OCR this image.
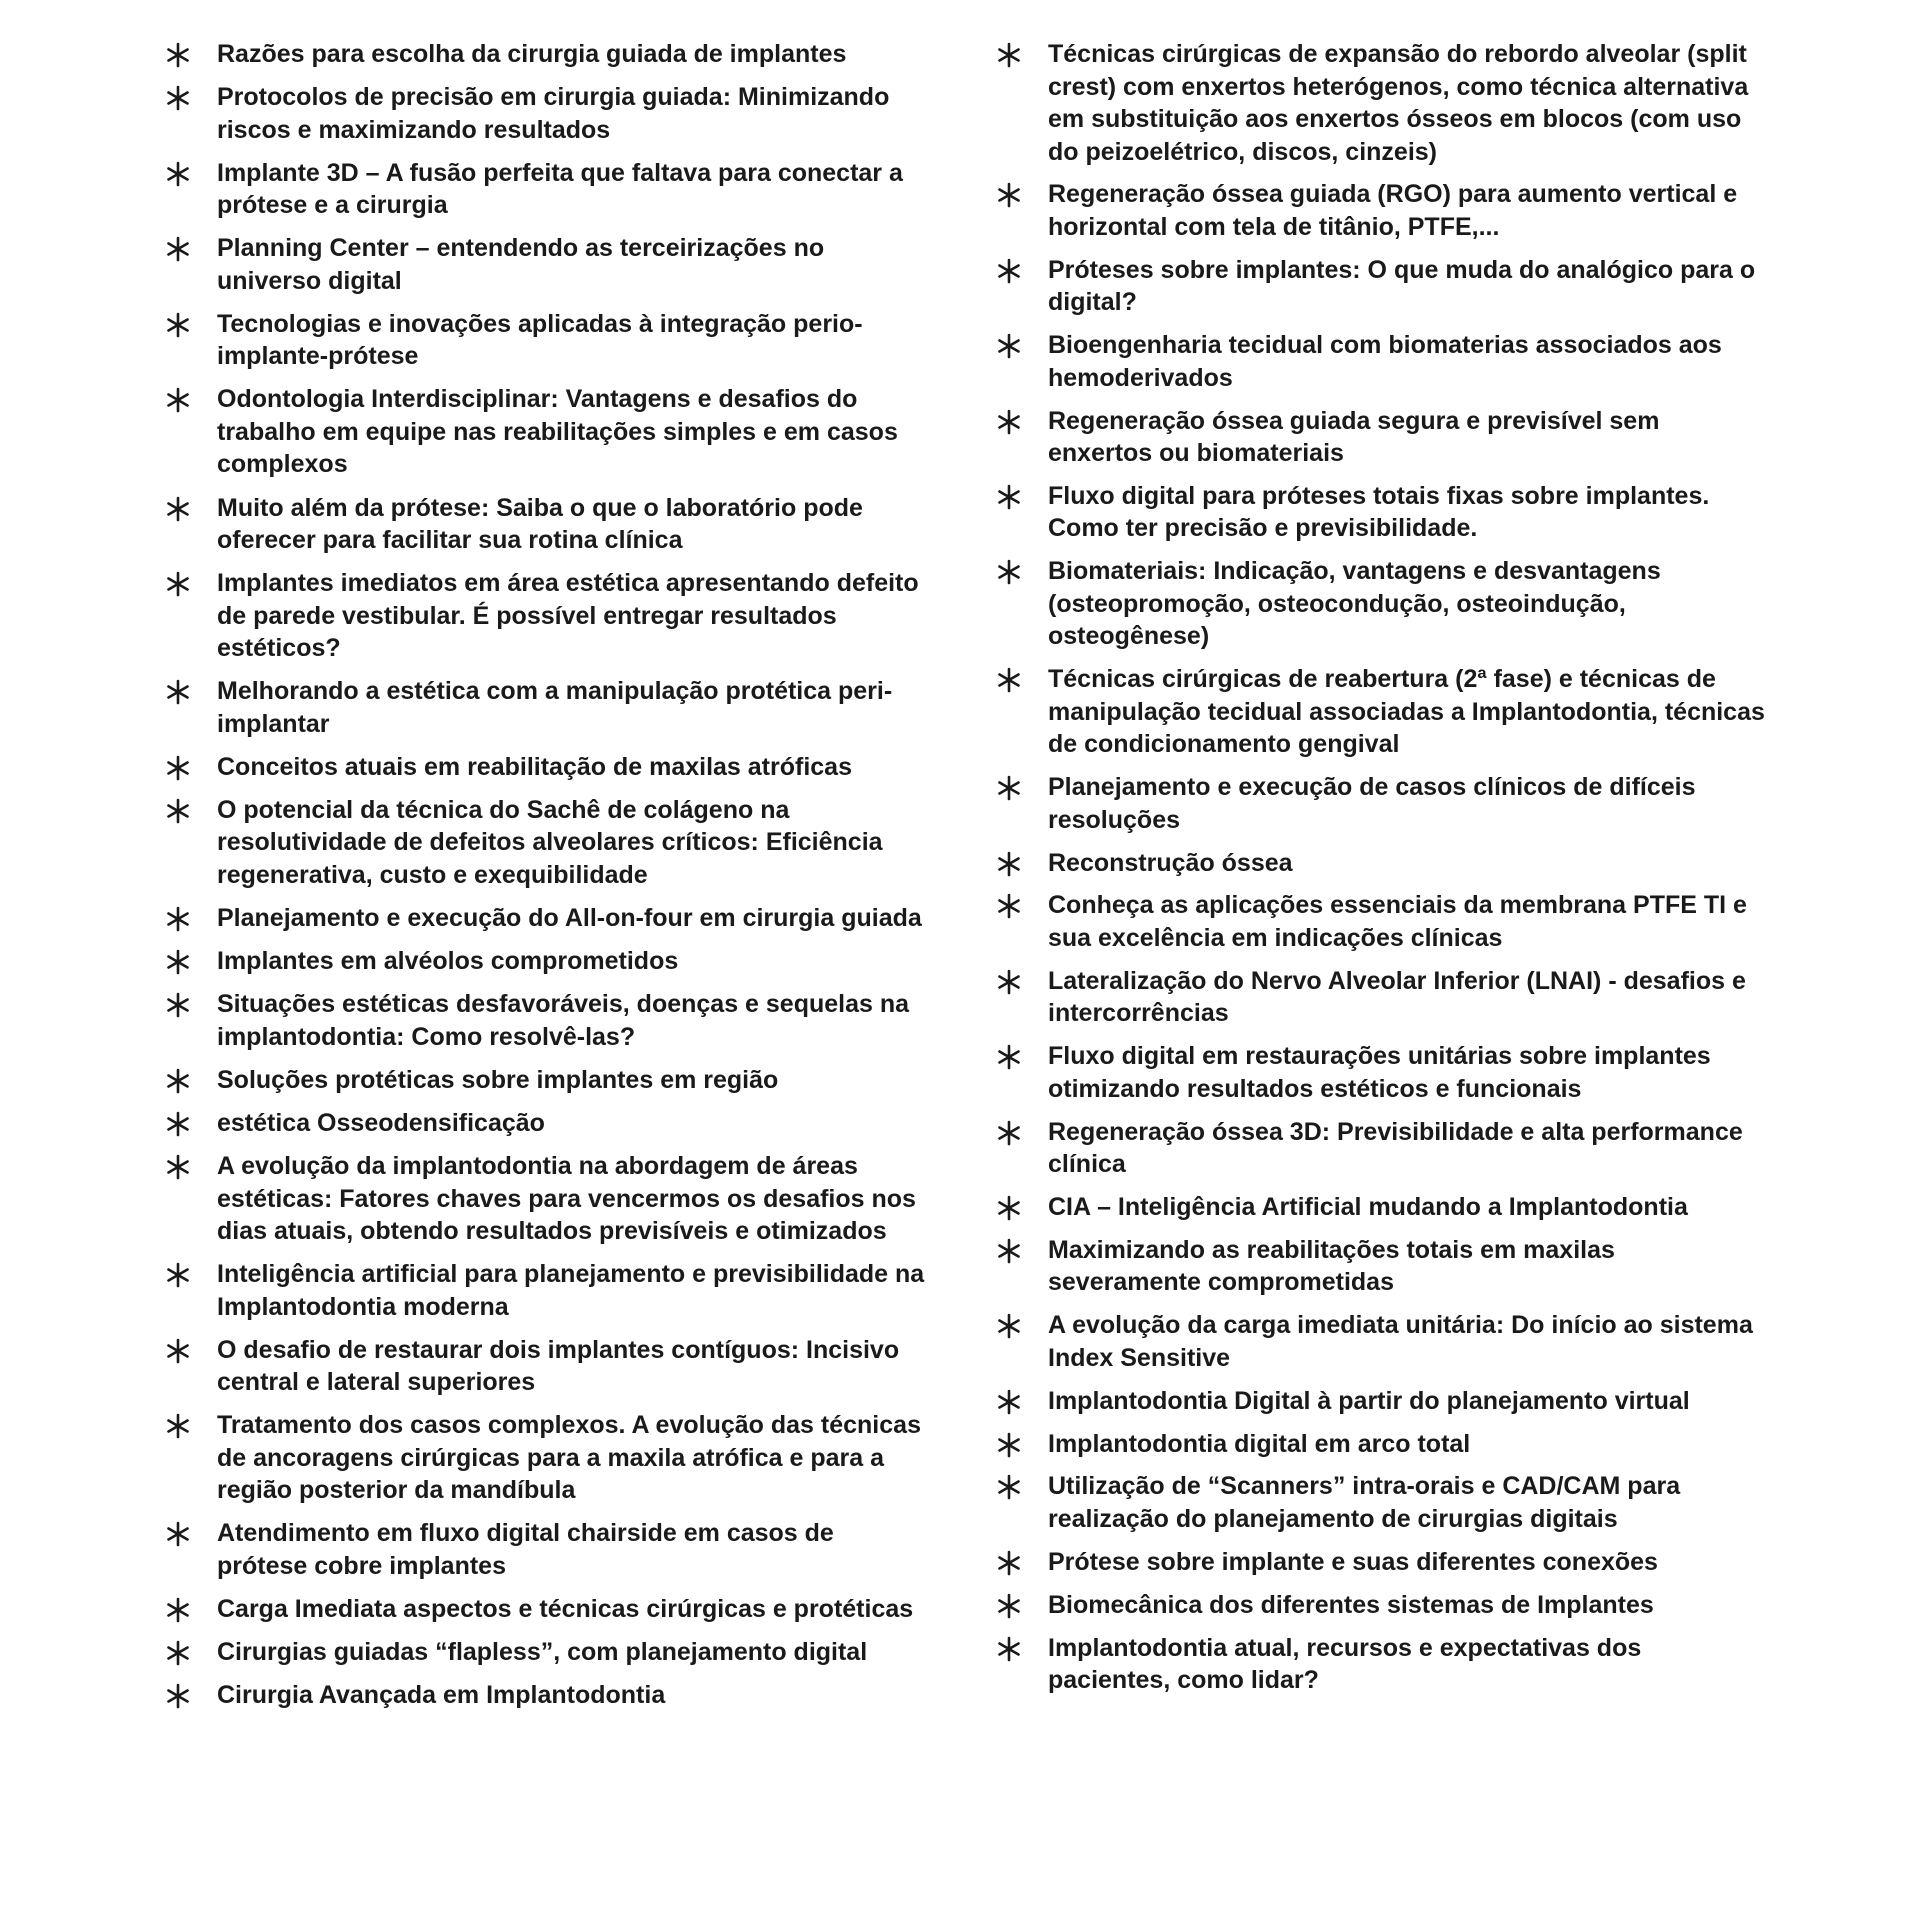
Razões para escolha da cirurgia guiada de implantes
Protocolos de precisão em cirurgia guiada: Minimizando riscos e maximizando resultados
Implante 3D – A fusão perfeita que faltava para conectar a prótese e a cirurgia
Planning Center – entendendo as terceirizações no universo digital
Tecnologias e inovações aplicadas à integração perio-implante-prótese
Odontologia Interdisciplinar: Vantagens e desafios do trabalho em equipe nas reabilitações simples e em casos complexos
Muito além da prótese: Saiba o que o laboratório pode oferecer para facilitar sua rotina clínica
Implantes imediatos em área estética apresentando defeito de parede vestibular. É possível entregar resultados estéticos?
Melhorando a estética com a manipulação protética peri-implantar
Conceitos atuais em reabilitação de maxilas atróficas
O potencial da técnica do Sachê de colágeno na resolutividade de defeitos alveolares críticos: Eficiência regenerativa, custo e exequibilidade
Planejamento e execução do All-on-four em cirurgia guiada
Implantes em alvéolos comprometidos
Situações estéticas desfavoráveis, doenças e sequelas na implantodontia: Como resolvê-las?
Soluções protéticas sobre implantes em região
estética Osseodensificação
A evolução da implantodontia na abordagem de áreas estéticas: Fatores chaves para vencermos os desafios nos dias atuais, obtendo resultados previsíveis e otimizados
Inteligência artificial para planejamento e previsibilidade na Implantodontia moderna
O desafio de restaurar dois implantes contíguos: Incisivo central e lateral superiores
Tratamento dos casos complexos. A evolução das técnicas de ancoragens cirúrgicas para a maxila atrófica e para a região posterior da mandíbula
Atendimento em fluxo digital chairside em casos de prótese cobre implantes
Carga Imediata aspectos e técnicas cirúrgicas e protéticas
Cirurgias guiadas “flapless”, com planejamento digital
Cirurgia Avançada em Implantodontia
Técnicas cirúrgicas de expansão do rebordo alveolar (split crest) com enxertos heterógenos, como técnica alternativa em substituição aos enxertos ósseos em blocos (com uso do peizoelétrico, discos, cinzeis)
Regeneração óssea guiada (RGO) para aumento vertical e horizontal com tela de titânio, PTFE,...
Próteses sobre implantes: O que muda do analógico para o digital?
Bioengenharia tecidual com biomaterias associados aos hemoderivados
Regeneração óssea guiada segura e previsível sem enxertos ou biomateriais
Fluxo digital para próteses totais fixas sobre implantes. Como ter precisão e previsibilidade.
Biomateriais: Indicação, vantagens e desvantagens (osteopromoção, osteocondução, osteoindução, osteogênese)
Técnicas cirúrgicas de reabertura (2ª fase) e técnicas de manipulação tecidual associadas a Implantodontia, técnicas de condicionamento gengival
Planejamento e execução de casos clínicos de difíceis resoluções
Reconstrução óssea
Conheça as aplicações essenciais da membrana PTFE TI e sua excelência em indicações clínicas
Lateralização do Nervo Alveolar Inferior (LNAI) - desafios e intercorrências
Fluxo digital em restaurações unitárias sobre implantes otimizando resultados estéticos e funcionais
Regeneração óssea 3D: Previsibilidade e alta performance clínica
CIA – Inteligência Artificial mudando a Implantodontia
Maximizando as reabilitações totais em maxilas severamente comprometidas
A evolução da carga imediata unitária: Do início ao sistema Index Sensitive
Implantodontia Digital à partir do planejamento virtual
Implantodontia digital em arco total
Utilização de “Scanners” intra-orais e CAD/CAM para realização do planejamento de cirurgias digitais
Prótese sobre implante e suas diferentes conexões
Biomecânica dos diferentes sistemas de Implantes
Implantodontia atual, recursos e expectativas dos pacientes, como lidar?
